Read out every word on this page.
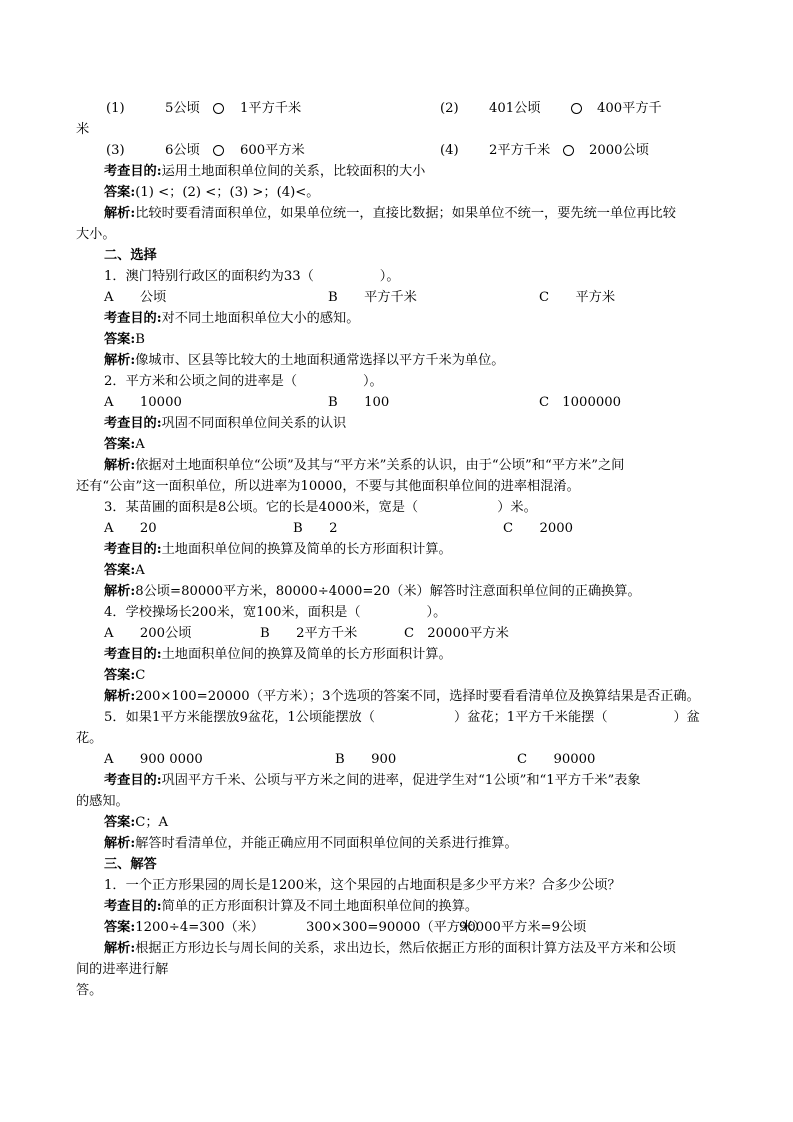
(1)	5公顷	1平方千米	(2) 401公顷	400平方千
米
(3)	6公顷	600平方米	(4) 2平方千米	2000公顷
考查目的:运用土地面积单位间的关系，比较面积的大小
答案:(1) <；(2) <；(3) >；(4)<。
解析:比较时要看清面积单位，如果单位统一，直接比数据；如果单位不统一，要先统一单位再比较
大小。
二、选择
1．澳门特别行政区的面积约为33（　　　　　）。
A　　公顷	B　　平方千米	C　　平方米
考查目的:对不同土地面积单位大小的感知。
答案:B
解析:像城市、区县等比较大的土地面积通常选择以平方千米为单位。
2．平方米和公顷之间的进率是（　　　　　）。
A　　10000	B　　100	C　1000000
考查目的:巩固不同面积单位间关系的认识
答案:A
解析:依据对土地面积单位“公顷”及其与“平方米”关系的认识，由于“公顷”和“平方米”之间
还有“公亩”这一面积单位，所以进率为10000，不要与其他面积单位间的进率相混淆。
3．某苗圃的面积是8公顷。它的长是4000米，宽是（　　　　　　）米。
A　　20	B　　2	C　　2000
考查目的:土地面积单位间的换算及简单的长方形面积计算。
答案:A
解析:8公顷=80000平方米，80000÷4000=20（米）解答时注意面积单位间的正确换算。
4．学校操场长200米，宽100米，面积是（　　　　　）。
A　　200公顷	B　　2平方千米	C　20000平方米
考查目的:土地面积单位间的换算及简单的长方形面积计算。
答案:C
解析:200×100=20000（平方米）；3个选项的答案不同，选择时要看看清单位及换算结果是否正确。
5．如果1平方米能摆放9盆花，1公顷能摆放（　　　　　　）盆花；1平方千米能摆（　　　　　）盆
花。
A　　900 0000	B　　900	C　　90000
考查目的:巩固平方千米、公顷与平方米之间的进率，促进学生对“1公顷”和“1平方千米”表象
的感知。
答案:C；A
解析:解答时看清单位，并能正确应用不同面积单位间的关系进行推算。
三、解答
1．一个正方形果园的周长是1200米，这个果园的占地面积是多少平方米？合多少公顷？
考查目的:简单的正方形面积计算及不同土地面积单位间的换算。
答案:1200÷4=300（米）	300×300=90000（平方米）
90000平方米=9公顷
解析:根据正方形边长与周长间的关系，求出边长，然后依据正方形的面积计算方法及平方米和公顷
间的进率进行解
答。
